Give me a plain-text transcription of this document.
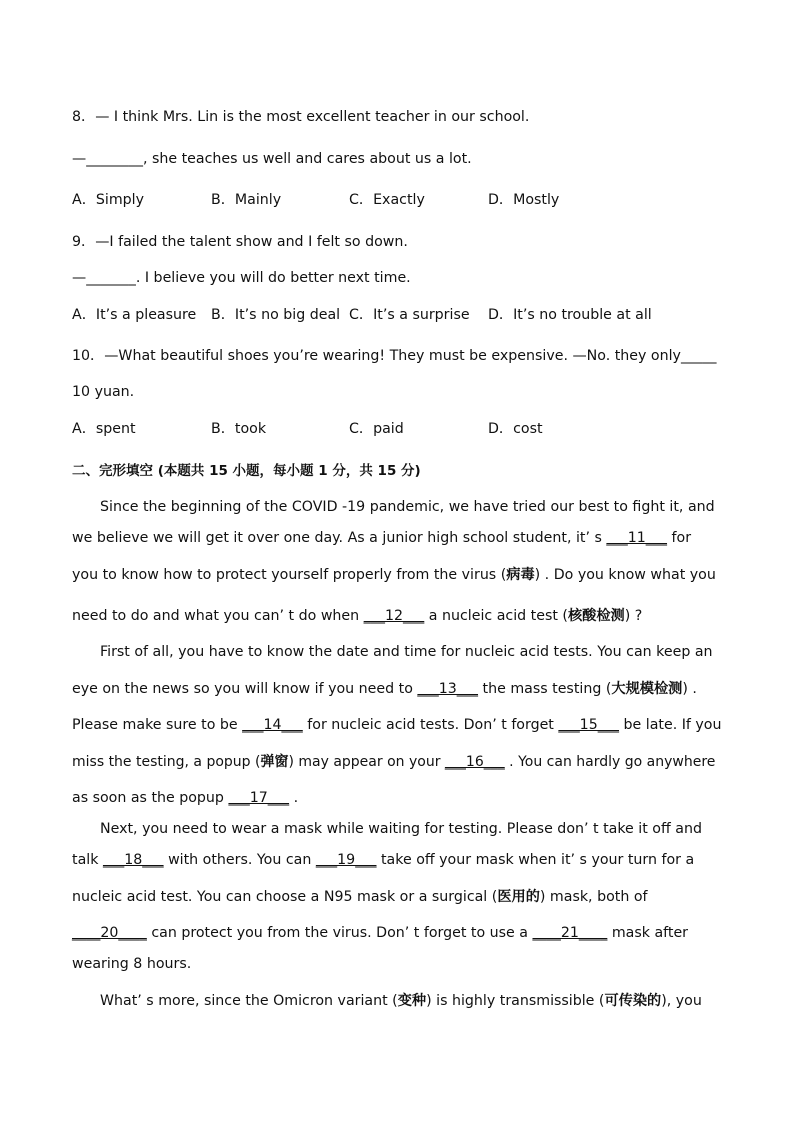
8．— I think Mrs. Lin is the most excellent teacher in our school.
—________, she teaches us well and cares about us a lot.
A．Simply	B．Mainly	C．Exactly	D．Mostly
9．—I failed the talent show and I felt so down.
—_______. I believe you will do better next time.
A．It’s a pleasure B．It’s no big deal C．It’s a surprise D．It’s no trouble at all
10．—What beautiful shoes you’re wearing! They must be expensive. —No. they only_____
10 yuan.
A．spent	B．took	C．paid	D．cost
二、完形填空 (本题共 15 小题，每小题 1 分，共 15 分)
Since the beginning of the COVID -19 pandemic, we have tried our best to fight it, and
we believe we will get it over one day. As a junior high school student, it’ s ___11___ for
you to know how to protect yourself properly from the virus (病毒) . Do you know what you
need to do and what you can’ t do when ___12___ a nucleic acid test (核酸检测) ?
First of all, you have to know the date and time for nucleic acid tests. You can keep an
eye on the news so you will know if you need to ___13___ the mass testing (大规模检测) .
Please make sure to be ___14___ for nucleic acid tests. Don’ t forget ___15___ be late. If you
miss the testing, a popup (弹窗) may appear on your ___16___ . You can hardly go anywhere
as soon as the popup ___17___ .
Next, you need to wear a mask while waiting for testing. Please don’ t take it off and
talk ___18___ with others. You can ___19___ take off your mask when it’ s your turn for a
nucleic acid test. You can choose a N95 mask or a surgical (医用的) mask, both of
____20____ can protect you from the virus. Don’ t forget to use a ____21____ mask after
wearing 8 hours.
What’ s more, since the Omicron variant (变种) is highly transmissible (可传染的), you
